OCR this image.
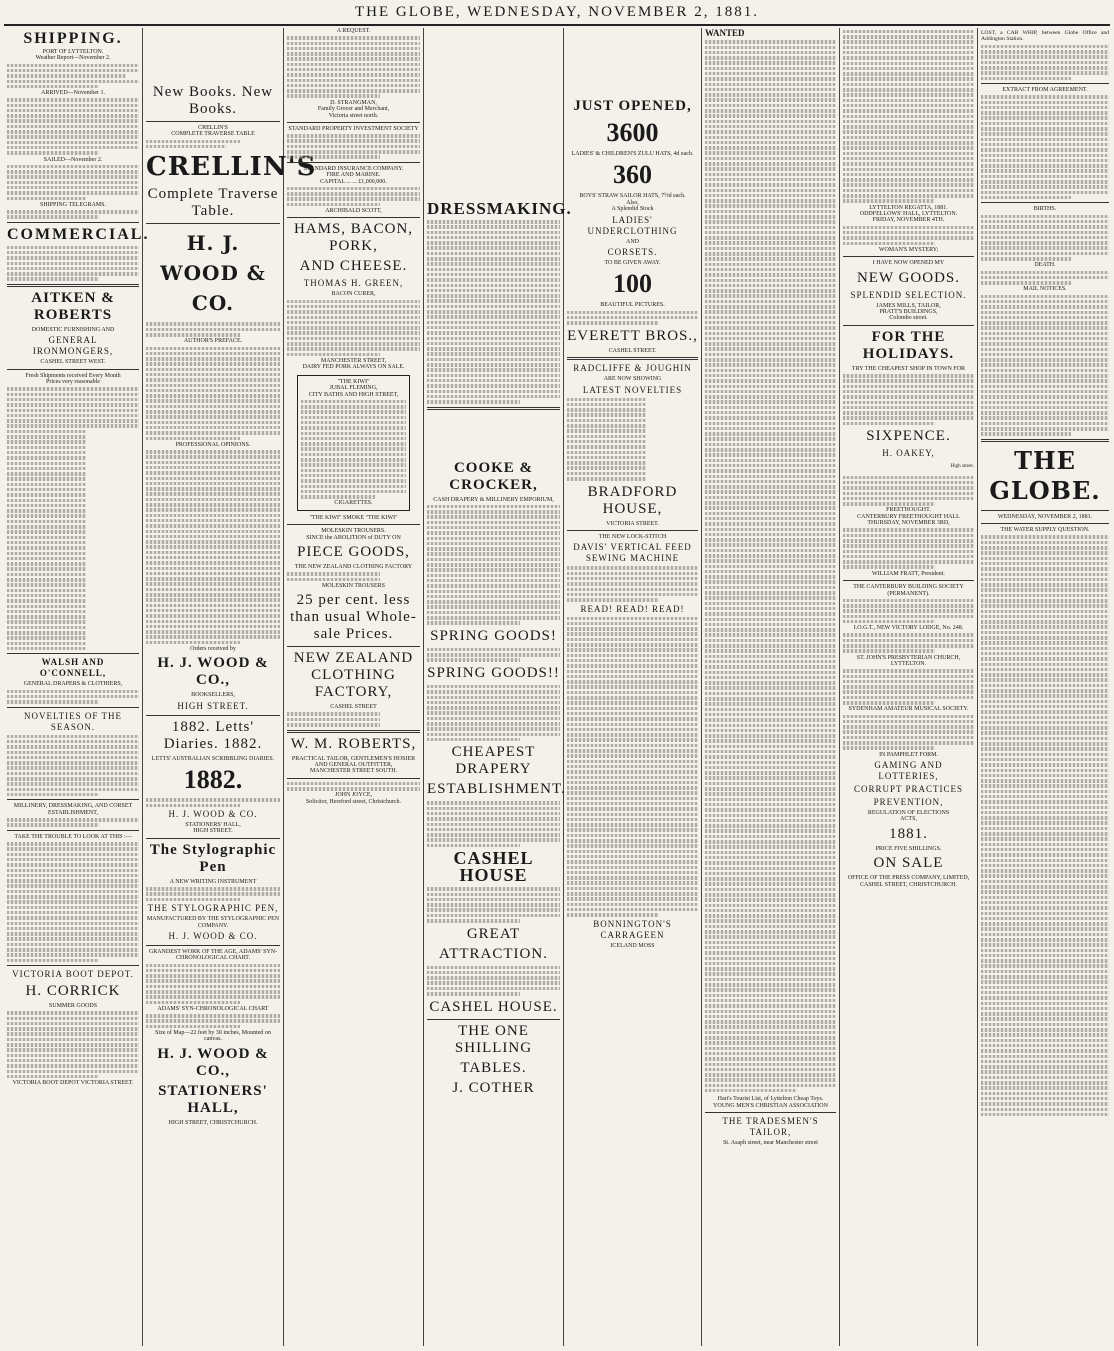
THE GLOBE, WEDNESDAY, NOVEMBER 2, 1881.
SHIPPING.

PORT OF LYTTELTON.

Weather Report—November 2.

ARRIVED—November 1.

SAILED—November 2.

SHIPPING TELEGRAMS.

COMMERCIAL.

AITKEN & ROBERTS

DOMESTIC FURNISHING AND

GENERAL IRONMONGERS,

CASHEL STREET WEST.

Fresh Shipments received Every Month

Prices very reasonable

WALSH AND O'CONNELL,

GENERAL DRAPERS & CLOTHIERS,

NOVELTIES OF THE SEASON.

MILLINERY, DRESSMAKING, AND CORSET ESTABLISHMENT,

TAKE THE TROUBLE TO LOOK AT THIS :—

VICTORIA BOOT DEPOT.

H. CORRICK

SUMMER GOODS

VICTORIA BOOT DEPOT VICTORIA STREET.

New Books. New Books.

CRELLIN'S

COMPLETE TRAVERSE TABLE

CRELLIN'S

Complete Traverse Table.

H. J. WOOD & CO.

AUTHOR'S PREFACE.

PROFESSIONAL OPINIONS.

Orders received by

H. J. WOOD & CO.,

BOOKSELLERS,

HIGH STREET.

1882. Letts' Diaries. 1882.

LETTS' AUSTRALIAN SCRIBBLING DIARIES.

1882.

H. J. WOOD & CO.

STATIONERS' HALL,

HIGH STREET.

The Stylographic Pen

A NEW WRITING INSTRUMENT

THE STYLOGRAPHIC PEN,

MANUFACTURED BY THE STYLOGRAPHIC PEN COMPANY.

H. J. WOOD & CO.

GRANDEST WORK OF THE AGE, ADAMS' SYN-CHRONOLOGICAL CHART.

ADAMS' SYN-CHRONOLOGICAL CHART

Size of Map—22 feet by 30 inches, Mounted on canvas.

H. J. WOOD & CO.,

STATIONERS' HALL,

HIGH STREET, CHRISTCHURCH.

A REQUEST.

D. STRANGMAN,

Family Grocer and Merchant,

Victoria street north.

STANDARD PROPERTY INVESTMENT SOCIETY

STANDARD INSURANCE COMPANY.

FIRE AND MARINE.

CAPITAL ... ... £1,000,000.

ARCHIBALD SCOTT,

HAMS, BACON, PORK,

AND CHEESE.

THOMAS H. GREEN,

BACON CURER,

MANCHESTER STREET,

DAIRY FED PORK ALWAYS ON SALE.

"THE KIWI"

JUBAL FLEMING,

CITY BATHS AND HIGH STREET,

CIGARETTES.

"THE KIWI" SMOKE "THE KIWI"

MOLESKIN TROUSERS.

SINCE the ABOLITION of DUTY ON

PIECE GOODS,

THE NEW ZEALAND CLOTHING FACTORY

MOLESKIN TROUSERS

25 per cent. less than usual Whole-sale Prices.

NEW ZEALAND CLOTHING FACTORY,

CASHEL STREET

W. M. ROBERTS,

PRACTICAL TAILOR, GENTLEMEN'S HOSIER

AND GENERAL OUTFITTER,

MANCHESTER STREET SOUTH.

JOHN JOYCE,

Solicitor, Hereford street, Christchurch.

DRESSMAKING.

COOKE & CROCKER,

CASH DRAPERY & MILLINERY EMPORIUM,

SPRING GOODS!

SPRING GOODS!!

CHEAPEST DRAPERY

ESTABLISHMENT.

CASHEL HOUSE

GREAT

ATTRACTION.

CASHEL HOUSE.

THE ONE SHILLING

TABLES.

J. COTHER

JUST OPENED,

3600

LADIES' & CHILDREN'S ZULU HATS, 4d each.

360

BOYS' STRAW SAILOR HATS, 7½d each.

Also,

A Splendid Stock

LADIES' UNDERCLOTHING

AND

CORSETS.

TO BE GIVEN AWAY.

100

BEAUTIFUL PICTURES.

EVERETT BROS.,

CASHEL STREET.

RADCLIFFE & JOUGHIN

ARE NOW SHOWING

LATEST NOVELTIES

BRADFORD HOUSE,

VICTORIA STREET.

THE NEW LOCK-STITCH

DAVIS' VERTICAL FEED SEWING MACHINE

READ! READ! READ!

BONNINGTON'S CARRAGEEN

ICELAND MOSS

WANTED

Hart's Tourist List, of Lyttelton Cheap Toys.

YOUNG MEN'S CHRISTIAN ASSOCIATION

THE TRADESMEN'S TAILOR,

St. Asaph street, near Manchester street

LYTTELTON REGATTA, 1881.

ODDFELLOWS' HALL, LYTTELTON.

FRIDAY, NOVEMBER 4TH.

WOMAN'S MYSTERY;

I HAVE NOW OPENED MY

NEW GOODS.

SPLENDID SELECTION.

JAMES MILLS, TAILOR,

PRATT'S BUILDINGS,

Colombo street.

FOR THE HOLIDAYS.

TRY THE CHEAPEST SHOP IN TOWN FOR

SIXPENCE.

H. OAKEY,

High street.

FREETHOUGHT.

CANTERBURY FREETHOUGHT HALL

THURSDAY, NOVEMBER 3RD,

WILLIAM FRATT, President.

THE CANTERBURY BUILDING SOCIETY (PERMANENT).

I.O.G.T., NEW VICTORY LODGE, No. 248.

ST. JOHN'S PRESBYTERIAN CHURCH,

LYTTELTON.

SYDENHAM AMATEUR MUSICAL SOCIETY.

IN PAMPHLET FORM.

GAMING AND LOTTERIES,

CORRUPT PRACTICES

PREVENTION,

REGULATION OF ELECTIONS

ACTS,

1881.

PRICE FIVE SHILLINGS.

ON SALE

OFFICE OF THE PRESS COMPANY, LIMITED,

CASHEL STREET, CHRISTCHURCH.

LOST, a CAB WHIP, between Globe Office and Addington Station.

EXTRACT FROM AGREEMENT.

BIRTHS.

DEATH.

MAIL NOTICES.

THE GLOBE.

WEDNESDAY, NOVEMBER 2, 1881.

THE WATER SUPPLY QUESTION.
